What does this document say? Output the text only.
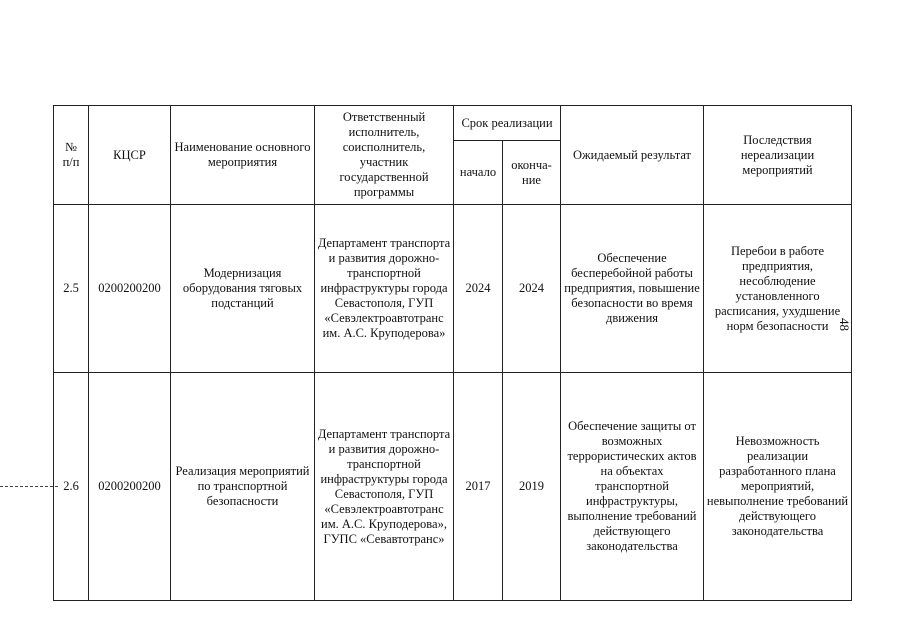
№
п/п	КЦСР	Наименование основного мероприятия	Ответственный исполнитель, соисполнитель, участник государственной программы	Срок реализации		Ожидаемый результат	Последствия нереализации мероприятий
				начало	оконча-
ние		
2.5	0200200200	Модернизация оборудования тяговых подстанций	Департамент транспорта и развития дорожно-транспортной инфраструктуры города Севастополя, ГУП «Севэлектроавтотранс им. А.С. Круподерова»	2024	2024	Обеспечение бесперебойной работы предприятия, повышение безопасности во время движения	Перебои в работе предприятия, несоблюдение установленного расписания, ухудшение норм безопасности
2.6	0200200200	Реализация мероприятий по транспортной безопасности	Департамент транспорта и развития дорожно-транспортной инфраструктуры города Севастополя, ГУП «Севэлектроавтотранс им. А.С. Круподерова», ГУПС «Севавтотранс»	2017	2019	Обеспечение защиты от возможных террористических актов на объектах транспортной инфраструктуры, выполнение требований действующего законодательства	Невозможность реализации разработанного плана мероприятий, невыполнение требований действующего законодательства
48
